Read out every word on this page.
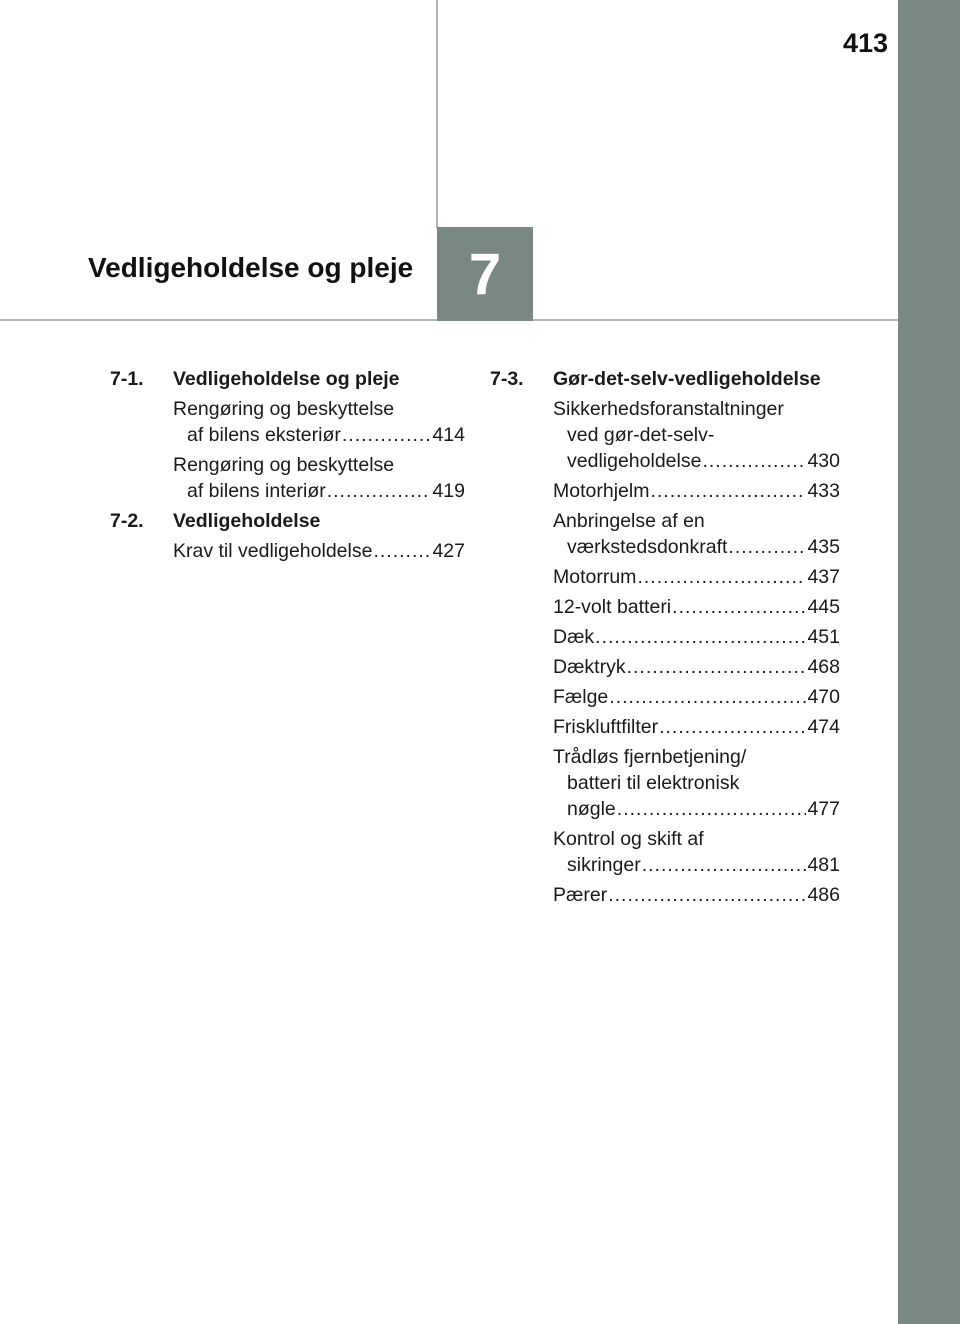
413
7
Vedligeholdelse og pleje
7-1.	Vedligeholdelse og pleje
Rengøring og beskyttelse
af bilens eksteriør .....	414
Rengøring og beskyttelse
af bilens interiør .....	419
7-2.	Vedligeholdelse
Krav til vedligeholdelse .....	427
7-3.	Gør-det-selv-vedligeholdelse
Sikkerhedsforanstaltninger
ved gør-det-selv-
vedligeholdelse .....	430
Motorhjelm .....	433
Anbringelse af en
værkstedsdonkraft .....	435
Motorrum .....	437
12-volt batteri .....	445
Dæk .....	451
Dæktryk .....	468
Fælge .....	470
Friskluftfilter .....	474
Trådløs fjernbetjening/
batteri til elektronisk
nøgle .....	477
Kontrol og skift af
sikringer .....	481
Pærer .....	486
